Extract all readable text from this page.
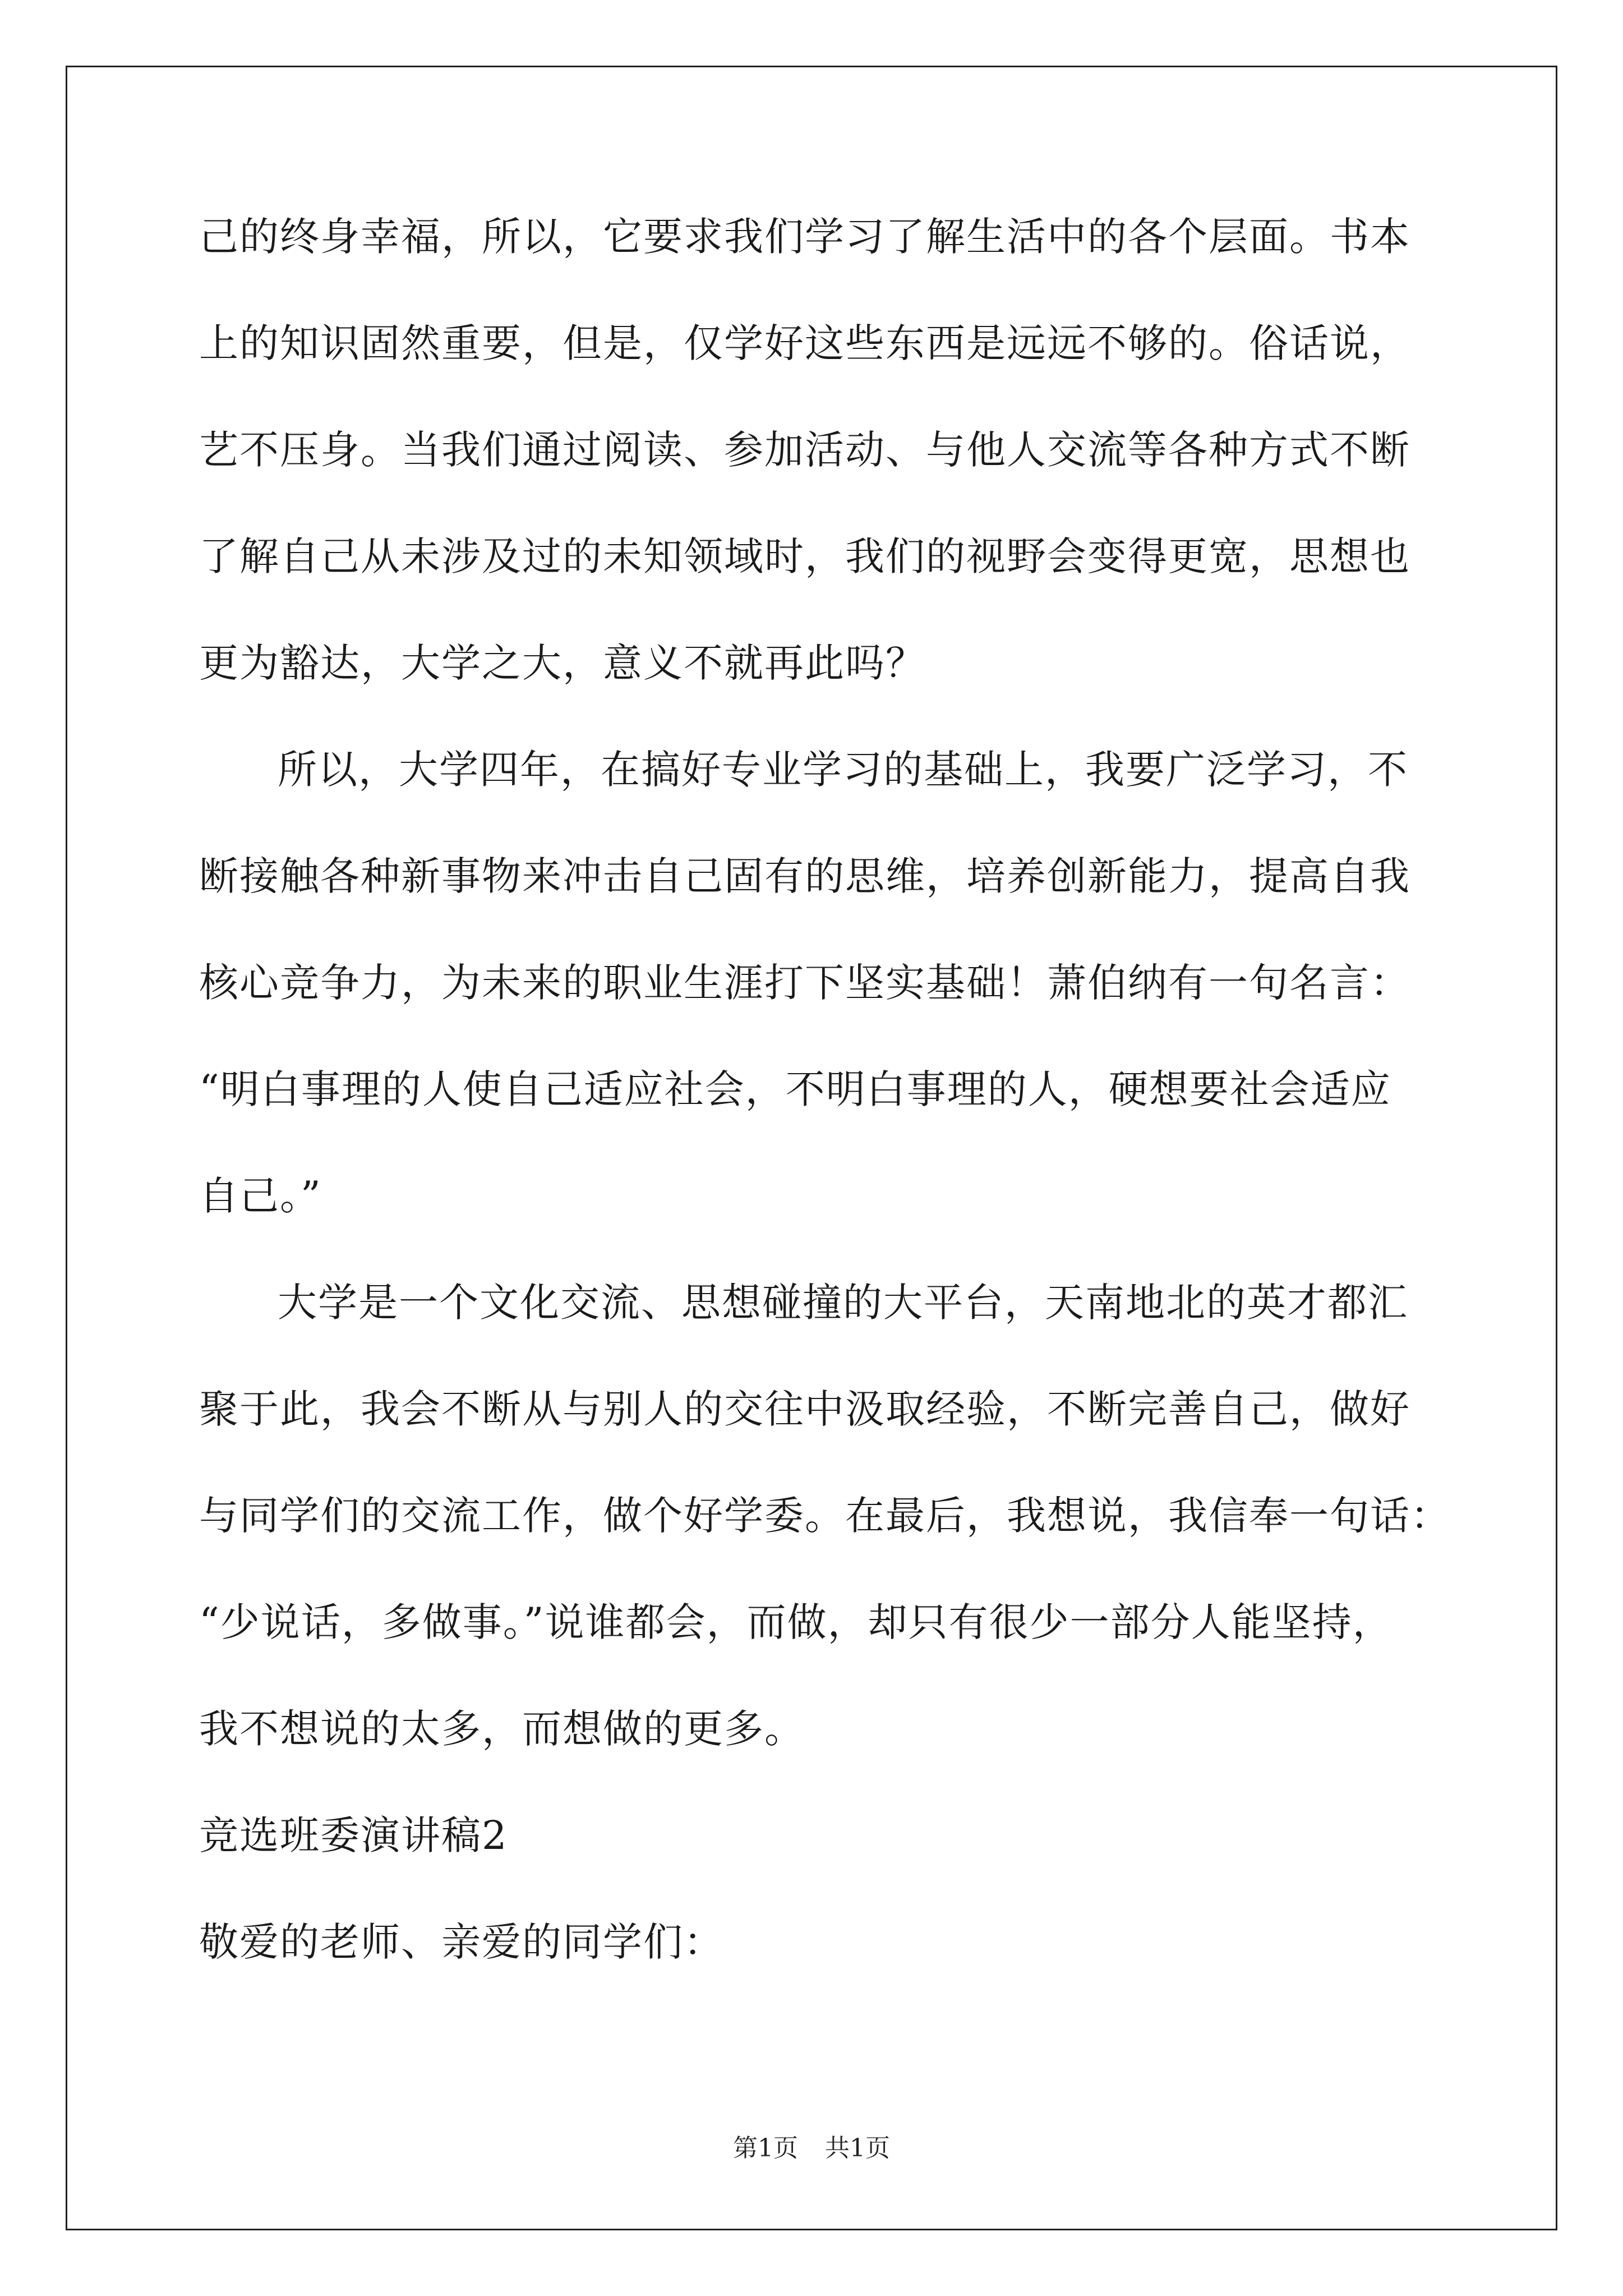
己的终身幸福，所以，它要求我们学习了解生活中的各个层面。书本
上的知识固然重要，但是，仅学好这些东西是远远不够的。俗话说，
艺不压身。当我们通过阅读、参加活动、与他人交流等各种方式不断
了解自己从未涉及过的未知领域时，我们的视野会变得更宽，思想也
更为豁达，大学之大，意义不就再此吗？
所以，大学四年，在搞好专业学习的基础上，我要广泛学习，不
断接触各种新事物来冲击自己固有的思维，培养创新能力，提高自我
核心竞争力，为未来的职业生涯打下坚实基础！萧伯纳有一句名言：
“明白事理的人使自己适应社会，不明白事理的人，硬想要社会适应
自己。”
大学是一个文化交流、思想碰撞的大平台，天南地北的英才都汇
聚于此，我会不断从与别人的交往中汲取经验，不断完善自己，做好
与同学们的交流工作，做个好学委。在最后，我想说，我信奉一句话：
“少说话，多做事。”说谁都会，而做，却只有很少一部分人能坚持，
我不想说的太多，而想做的更多。
竞选班委演讲稿2
敬爱的老师、亲爱的同学们：
第1页 共1页
